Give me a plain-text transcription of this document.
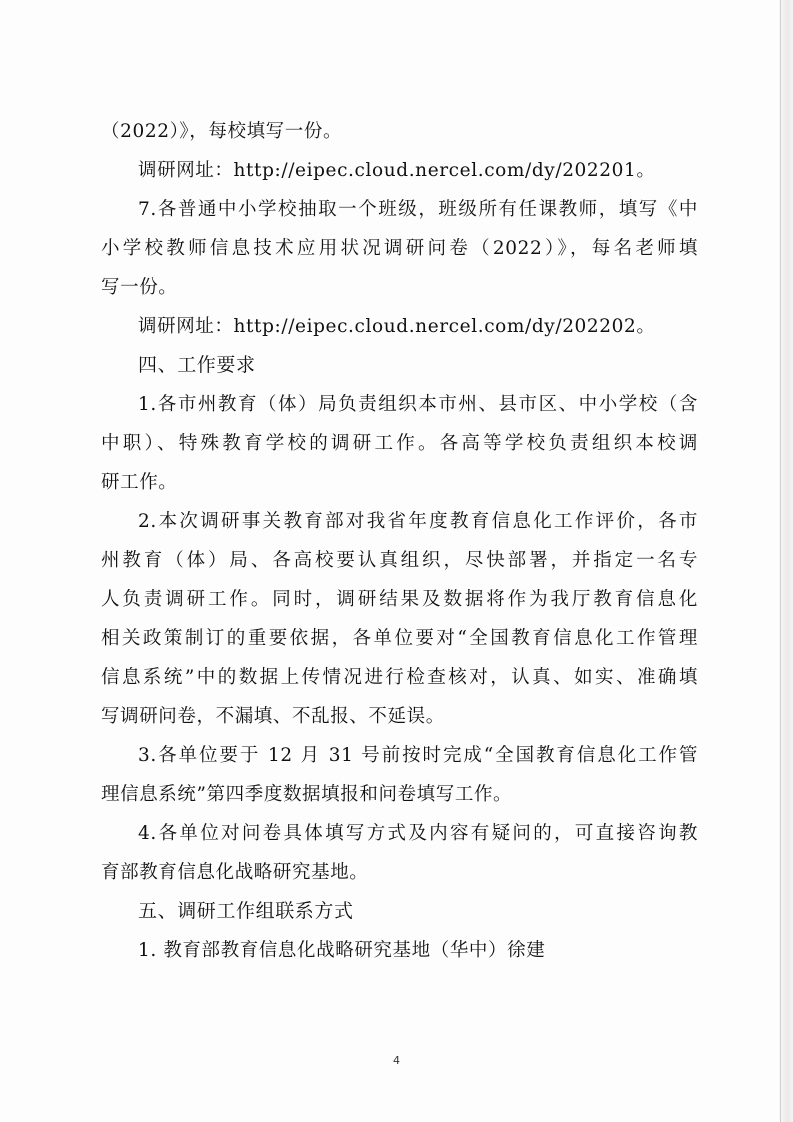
（2022）》，每校填写一份。
调研网址：http://eipec.cloud.nercel.com/dy/202201。
7.各普通中小学校抽取一个班级，班级所有任课教师，填写《中
小学校教师信息技术应用状况调研问卷（2022）》，每名老师填
写一份。
调研网址：http://eipec.cloud.nercel.com/dy/202202。
四、工作要求
1.各市州教育（体）局负责组织本市州、县市区、中小学校（含
中职）、特殊教育学校的调研工作。各高等学校负责组织本校调
研工作。
2.本次调研事关教育部对我省年度教育信息化工作评价，各市
州教育（体）局、各高校要认真组织，尽快部署，并指定一名专
人负责调研工作。同时，调研结果及数据将作为我厅教育信息化
相关政策制订的重要依据，各单位要对“全国教育信息化工作管理
信息系统”中的数据上传情况进行检查核对，认真、如实、准确填
写调研问卷，不漏填、不乱报、不延误。
3.各单位要于 12 月 31 号前按时完成“全国教育信息化工作管
理信息系统”第四季度数据填报和问卷填写工作。
4.各单位对问卷具体填写方式及内容有疑问的，可直接咨询教
育部教育信息化战略研究基地。
五、调研工作组联系方式
1. 教育部教育信息化战略研究基地（华中）徐建
4
